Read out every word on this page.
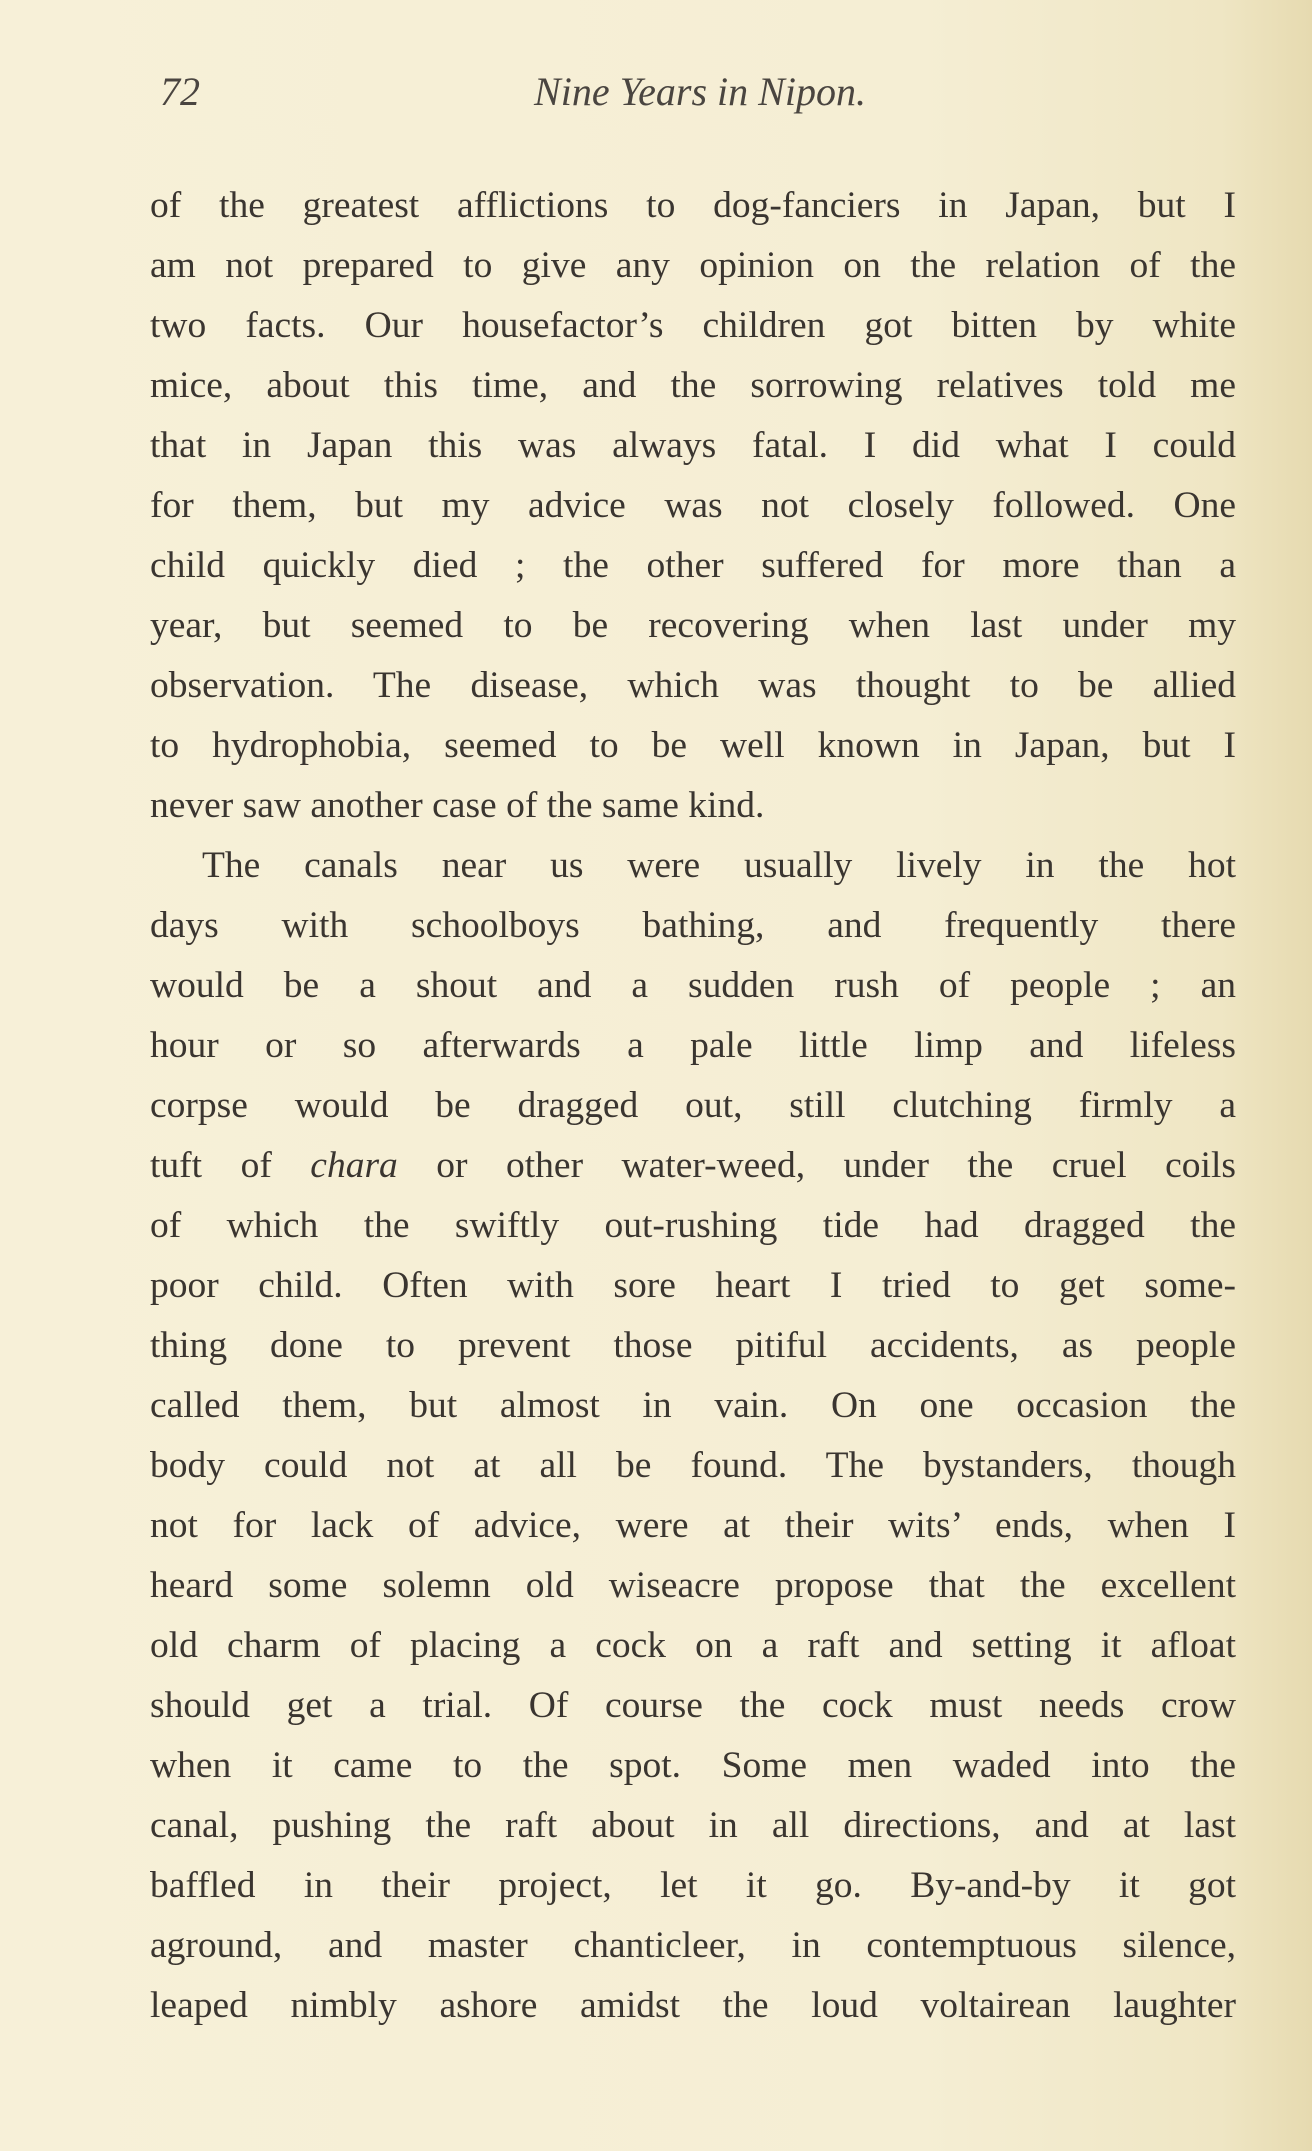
72	Nine Years in Nipon.
of the greatest afflictions to dog-fanciers in Japan, but I
am not prepared to give any opinion on the relation of the
two facts. Our housefactor’s children got bitten by white
mice, about this time, and the sorrowing relatives told me
that in Japan this was always fatal. I did what I could
for them, but my advice was not closely followed. One
child quickly died ; the other suffered for more than a
year, but seemed to be recovering when last under my
observation. The disease, which was thought to be allied
to hydrophobia, seemed to be well known in Japan, but I
never saw another case of the same kind.
The canals near us were usually lively in the hot
days with schoolboys bathing, and frequently there
would be a shout and a sudden rush of people ; an
hour or so afterwards a pale little limp and lifeless
corpse would be dragged out, still clutching firmly a
tuft of chara or other water-weed, under the cruel coils
of which the swiftly out-rushing tide had dragged the
poor child. Often with sore heart I tried to get some-
thing done to prevent those pitiful accidents, as people
called them, but almost in vain. On one occasion the
body could not at all be found. The bystanders, though
not for lack of advice, were at their wits’ ends, when I
heard some solemn old wiseacre propose that the excellent
old charm of placing a cock on a raft and setting it afloat
should get a trial. Of course the cock must needs crow
when it came to the spot. Some men waded into the
canal, pushing the raft about in all directions, and at last
baffled in their project, let it go. By-and-by it got
aground, and master chanticleer, in contemptuous silence,
leaped nimbly ashore amidst the loud voltairean laughter
